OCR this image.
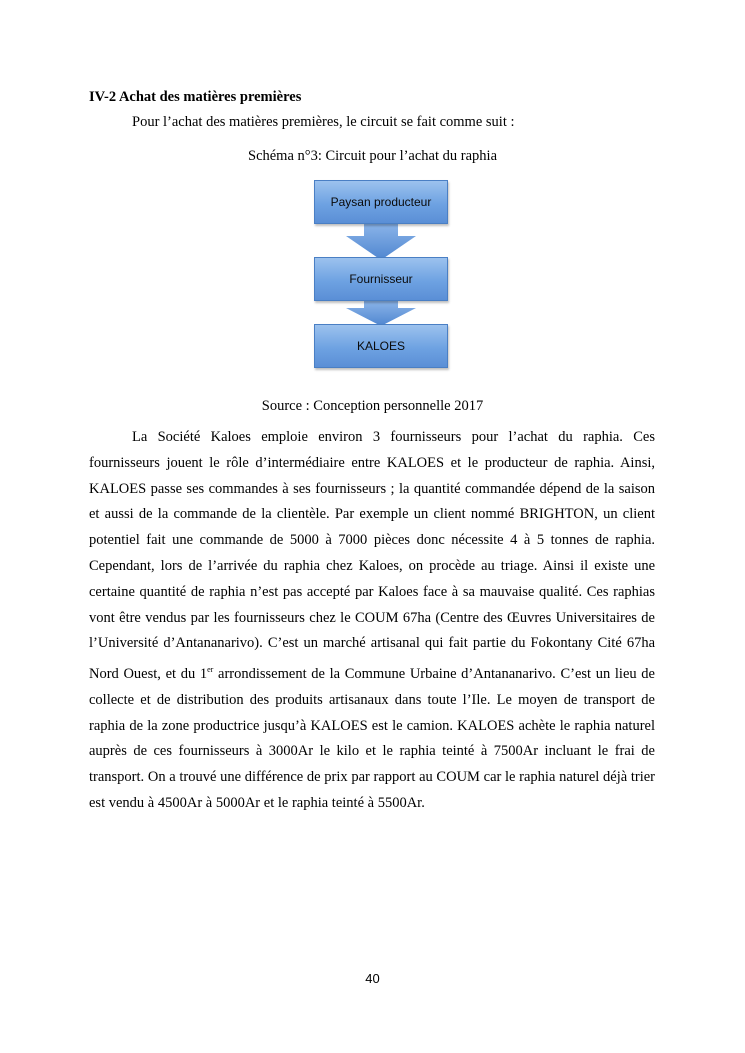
IV-2 Achat des matières premières

Pour l’achat des matières premières, le circuit se fait comme suit :

Schéma n°3: Circuit pour l’achat du raphia

Paysan producteur
Fournisseur
KALOES

Source : Conception personnelle 2017

La Société Kaloes emploie environ 3 fournisseurs pour l’achat du raphia. Ces fournisseurs jouent le rôle d’intermédiaire entre KALOES et le producteur de raphia. Ainsi, KALOES passe ses commandes à ses fournisseurs ; la quantité commandée dépend de la saison et aussi de la commande de la clientèle. Par exemple un client nommé BRIGHTON, un client potentiel fait une commande de 5000 à 7000 pièces donc nécessite 4 à 5 tonnes de raphia. Cependant, lors de l’arrivée du raphia chez Kaloes, on procède au triage. Ainsi il existe une certaine quantité de raphia n’est pas accepté par Kaloes face à sa mauvaise qualité. Ces raphias vont être vendus par les fournisseurs chez le COUM 67ha (Centre des Œuvres Universitaires de l’Université d’Antananarivo). C’est un marché artisanal qui fait partie du Fokontany Cité 67ha Nord Ouest, et du 1er arrondissement de la Commune Urbaine d’Antananarivo. C’est un lieu de collecte et de distribution des produits artisanaux dans toute l’Ile. Le moyen de transport de raphia de la zone productrice jusqu’à KALOES est le camion. KALOES achète le raphia naturel auprès de ces fournisseurs à 3000Ar le kilo et le raphia teinté à 7500Ar incluant le frai de transport. On a trouvé une différence de prix par rapport au COUM car le raphia naturel déjà trier est vendu à 4500Ar à 5000Ar et le raphia teinté à 5500Ar.

40
